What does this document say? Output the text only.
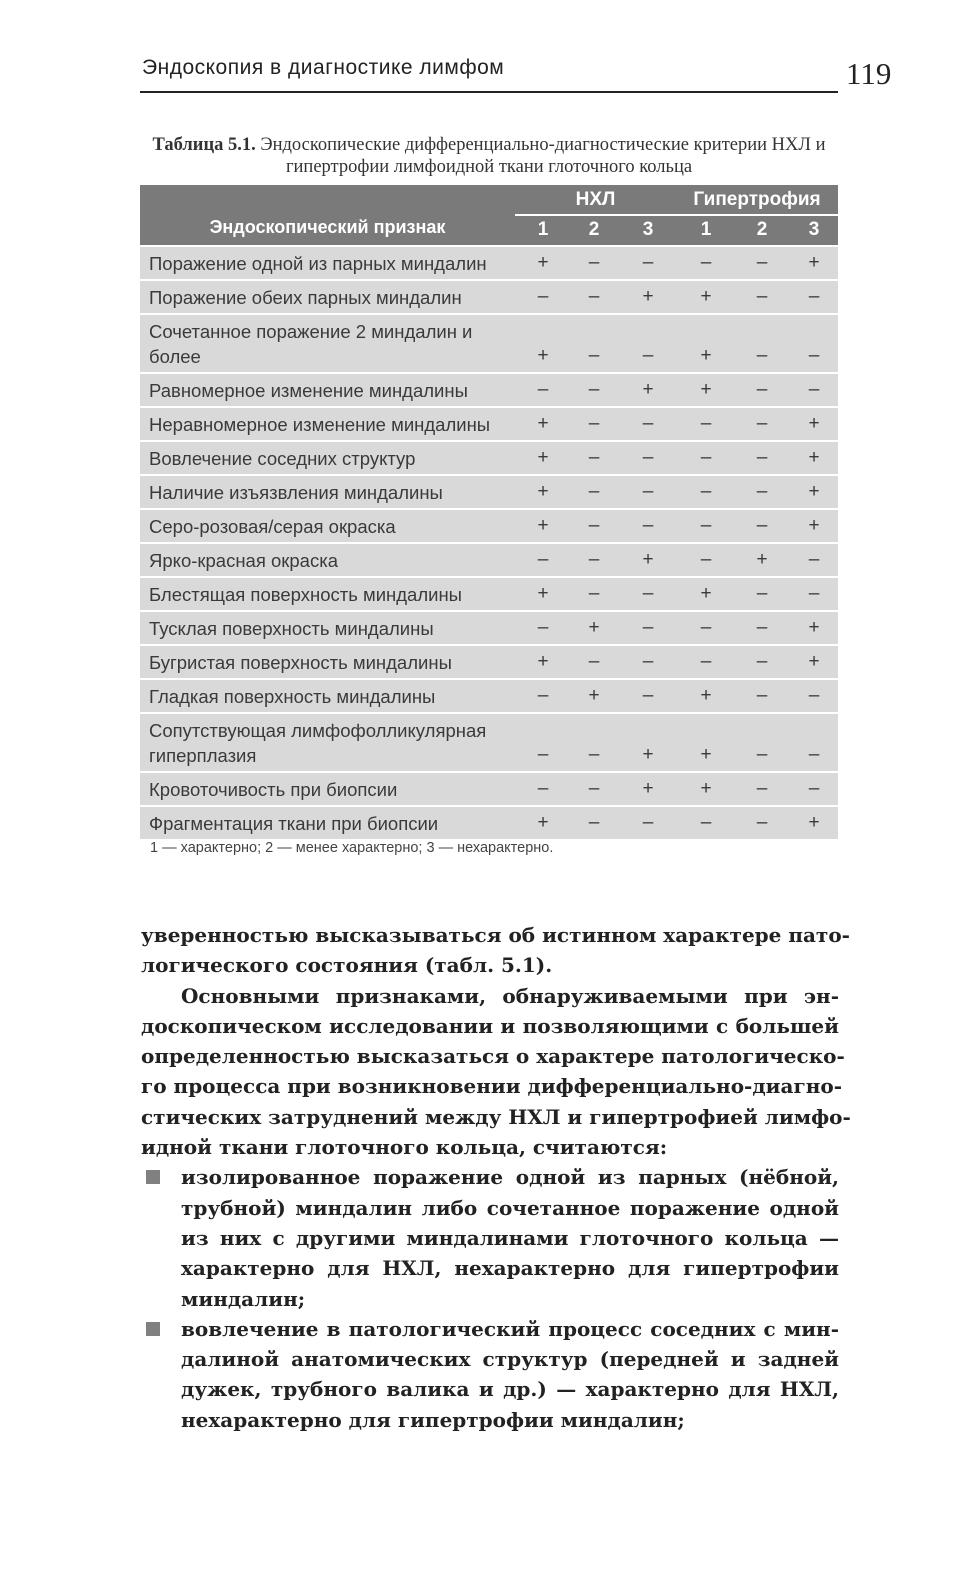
Эндоскопия в диагностике лимфом	119
Таблица 5.1. Эндоскопические дифференциально-диагностические критерии НХЛ и гипертрофии лимфоидной ткани глоточного кольца
Эндоскопический признак
НХЛ	Гипертрофия
1	2	3	1	2	3
Поражение одной из парных миндалин	+	–	–	–	–	+
Поражение обеих парных миндалин	–	–	+	+	–	–
Сочетанное поражение 2 миндалин и более	+	–	–	+	–	–
Равномерное изменение миндалины	–	–	+	+	–	–
Неравномерное изменение миндалины	+	–	–	–	–	+
Вовлечение соседних структур	+	–	–	–	–	+
Наличие изъязвления миндалины	+	–	–	–	–	+
Серо-розовая/серая окраска	+	–	–	–	–	+
Ярко-красная окраска	–	–	+	–	+	–
Блестящая поверхность миндалины	+	–	–	+	–	–
Тусклая поверхность миндалины	–	+	–	–	–	+
Бугристая поверхность миндалины	+	–	–	–	–	+
Гладкая поверхность миндалины	–	+	–	+	–	–
Сопутствующая лимфофолликулярная гиперплазия	–	–	+	+	–	–
Кровоточивость при биопсии	–	–	+	+	–	–
Фрагментация ткани при биопсии	+	–	–	–	–	+
1 — характерно; 2 — менее характерно; 3 — нехарактерно.
уверенностью высказываться об истинном характере пато-
логического состояния (табл. 5.1).
Основными признаками, обнаруживаемыми при эн-
доскопическом исследовании и позволяющими с большей
определенностью высказаться о характере патологическо-
го процесса при возникновении дифференциально-диагно-
стических затруднений между НХЛ и гипертрофией лимфо-
идной ткани глоточного кольца, считаются:
изолированное поражение одной из парных (нёбной,
трубной) миндалин либо сочетанное поражение одной
из них с другими миндалинами глоточного кольца —
характерно для НХЛ, нехарактерно для гипертрофии
миндалин;
вовлечение в патологический процесс соседних с мин-
далиной анатомических структур (передней и задней
дужек, трубного валика и др.) — характерно для НХЛ,
нехарактерно для гипертрофии миндалин;
